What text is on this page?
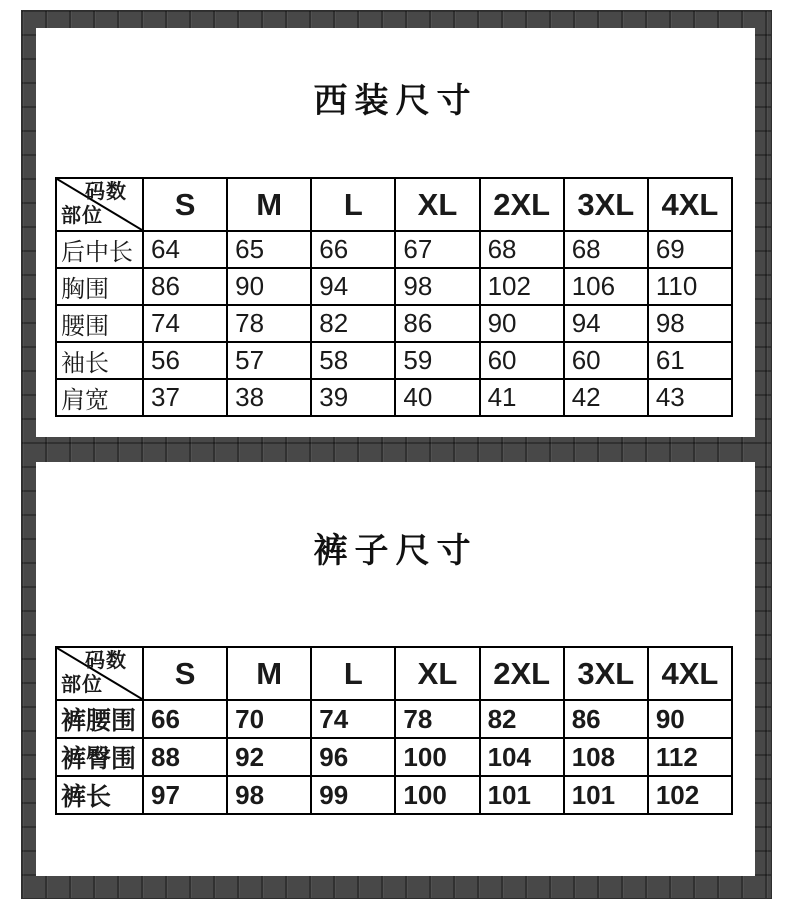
西装尺寸
码数
部位	S	M	L	XL	2XL	3XL	4XL
后中长	64	65	66	67	68	68	69
胸围	86	90	94	98	102	106	110
腰围	74	78	82	86	90	94	98
袖长	56	57	58	59	60	60	61
肩宽	37	38	39	40	41	42	43
裤子尺寸
码数
部位	S	M	L	XL	2XL	3XL	4XL
裤腰围	66	70	74	78	82	86	90
裤臀围	88	92	96	100	104	108	112
裤长	97	98	99	100	101	101	102
